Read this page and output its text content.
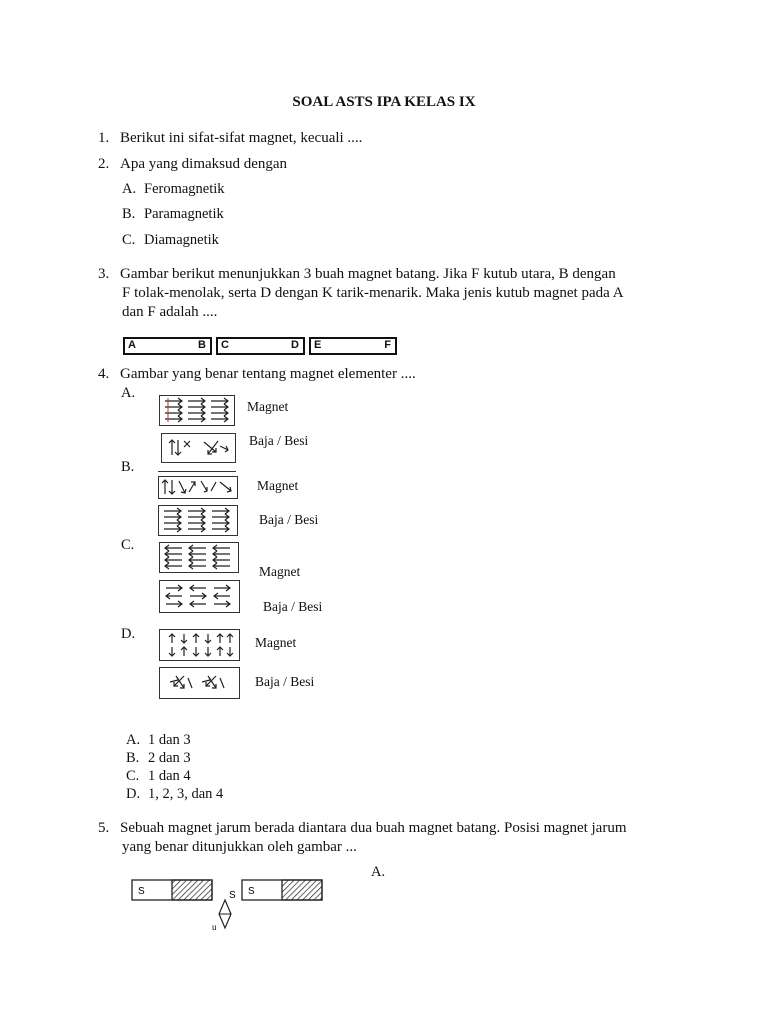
SOAL ASTS IPA KELAS IX
1. Berikut ini sifat-sifat magnet, kecuali ....
2. Apa yang dimaksud dengan
A. Feromagnetik
B. Paramagnetik
C. Diamagnetik
3. Gambar berikut menunjukkan 3 buah magnet batang. Jika F kutub utara, B dengan
F tolak-menolak, serta D dengan K tarik-menarik. Maka jenis kutub magnet pada A
dan F adalah ....
A	B C	D E	F
4. Gambar yang benar tentang magnet elementer ....
A.
Magnet
Baja / Besi
B.
Magnet
Baja / Besi
C.
Magnet
Baja / Besi
D.
Magnet
Baja / Besi
A. 1 dan 3
B. 2 dan 3
C. 1 dan 4
D. 1, 2, 3, dan 4
5. Sebuah magnet jarum berada diantara dua buah magnet batang. Posisi magnet jarum
yang benar ditunjukkan oleh gambar ...
A.
S	S S
u
